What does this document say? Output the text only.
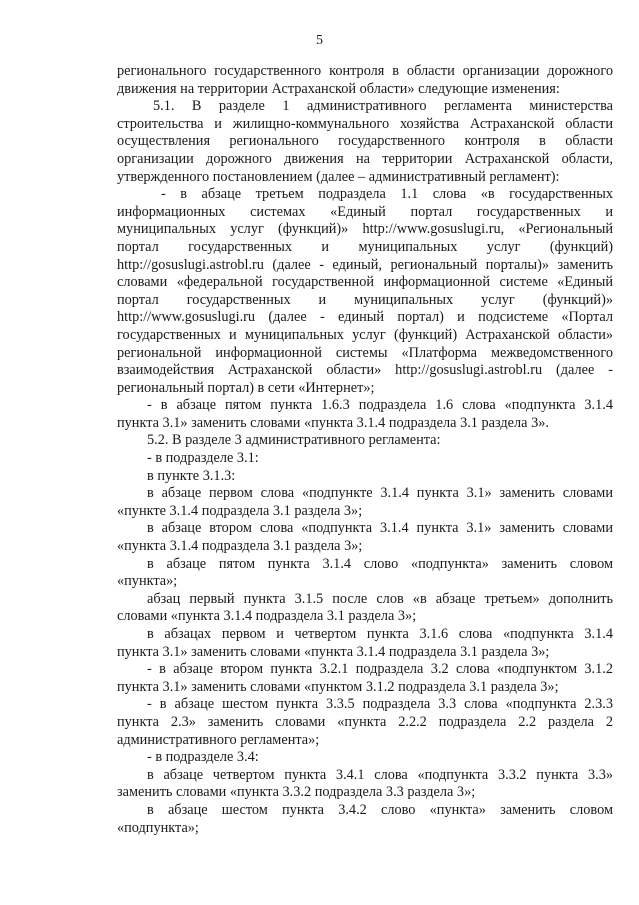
5
регионального государственного контроля в области организации дорожного
движения на территории Астраханской области» следующие изменения:
5.1. В разделе 1 административного регламента министерства
строительства и жилищно-коммунального хозяйства Астраханской области
осуществления регионального государственного контроля в области
организации дорожного движения на территории Астраханской области,
утвержденного постановлением (далее – административный регламент):
- в абзаце третьем подраздела 1.1 слова «в государственных
информационных системах «Единый портал государственных и
муниципальных услуг (функций)» http://www.gosuslugi.ru, «Региональный
портал государственных и муниципальных услуг (функций)
http://gosuslugi.astrobl.ru (далее - единый, региональный порталы)» заменить
словами «федеральной государственной информационной системе «Единый
портал государственных и муниципальных услуг (функций)»
http://www.gosuslugi.ru (далее - единый портал) и подсистеме «Портал
государственных и муниципальных услуг (функций) Астраханской области»
региональной информационной системы «Платформа межведомственного
взаимодействия Астраханской области» http://gosuslugi.astrobl.ru (далее -
региональный портал) в сети «Интернет»;
- в абзаце пятом пункта 1.6.3 подраздела 1.6 слова «подпункта 3.1.4
пункта 3.1» заменить словами «пункта 3.1.4 подраздела 3.1 раздела 3».
5.2. В разделе 3 административного регламента:
- в подразделе 3.1:
в пункте 3.1.3:
в абзаце первом слова «подпункте 3.1.4 пункта 3.1» заменить словами
«пункте 3.1.4 подраздела 3.1 раздела 3»;
в абзаце втором слова «подпункта 3.1.4 пункта 3.1» заменить словами
«пункта 3.1.4 подраздела 3.1 раздела 3»;
в абзаце пятом пункта 3.1.4 слово «подпункта» заменить словом
«пункта»;
абзац первый пункта 3.1.5 после слов «в абзаце третьем» дополнить
словами «пункта 3.1.4 подраздела 3.1 раздела 3»;
в абзацах первом и четвертом пункта 3.1.6 слова «подпункта 3.1.4
пункта 3.1» заменить словами «пункта 3.1.4 подраздела 3.1 раздела 3»;
- в абзаце втором пункта 3.2.1 подраздела 3.2 слова «подпунктом 3.1.2
пункта 3.1» заменить словами «пунктом 3.1.2 подраздела 3.1 раздела 3»;
- в абзаце шестом пункта 3.3.5 подраздела 3.3 слова «подпункта 2.3.3
пункта 2.3» заменить словами «пункта 2.2.2 подраздела 2.2 раздела 2
административного регламента»;
- в подразделе 3.4:
в абзаце четвертом пункта 3.4.1 слова «подпункта 3.3.2 пункта 3.3»
заменить словами «пункта 3.3.2 подраздела 3.3 раздела 3»;
в абзаце шестом пункта 3.4.2 слово «пункта» заменить словом
«подпункта»;
